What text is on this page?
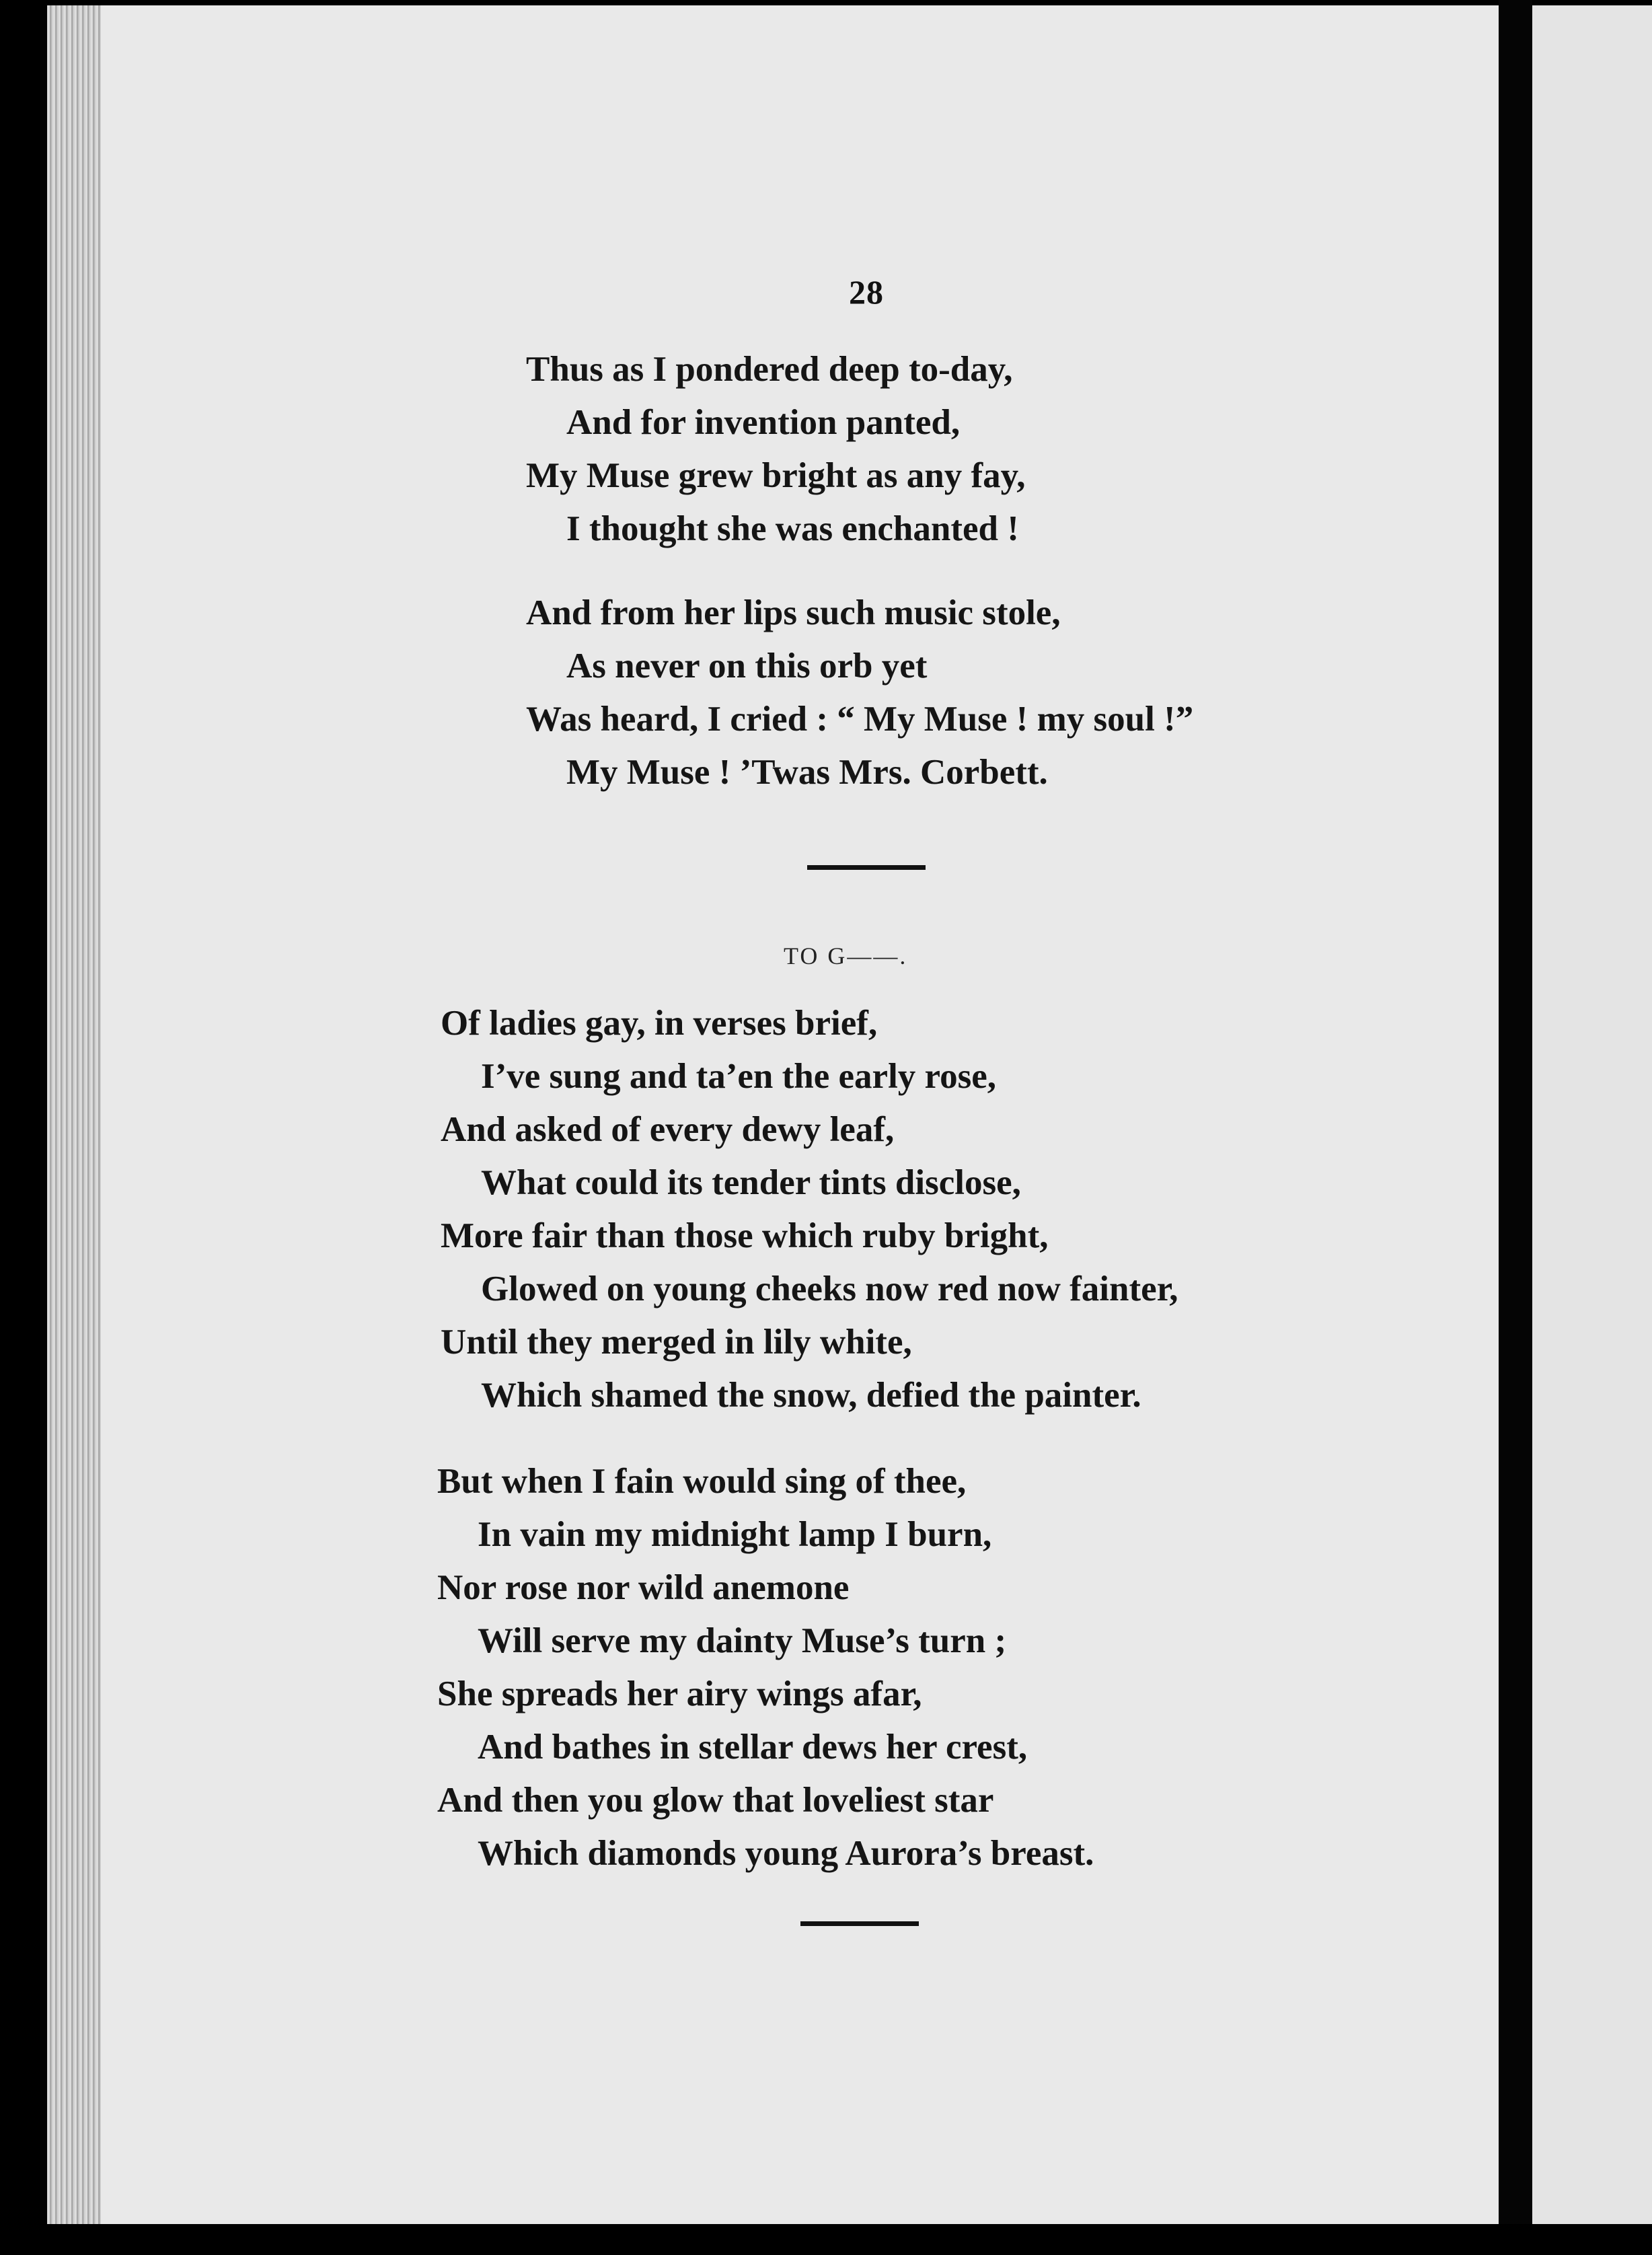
28
Thus as I pondered deep to-day,
And for invention panted,
My Muse grew bright as any fay,
I thought she was enchanted !
And from her lips such music stole,
As never on this orb yet
Was heard, I cried : “ My Muse ! my soul !”
My Muse ! ’Twas Mrs. Corbett.
TO G——.
Of ladies gay, in verses brief,
I’ve sung and ta’en the early rose,
And asked of every dewy leaf,
What could its tender tints disclose,
More fair than those which ruby bright,
Glowed on young cheeks now red now fainter,
Until they merged in lily white,
Which shamed the snow, defied the painter.
But when I fain would sing of thee,
In vain my midnight lamp I burn,
Nor rose nor wild anemone
Will serve my dainty Muse’s turn ;
She spreads her airy wings afar,
And bathes in stellar dews her crest,
And then you glow that loveliest star
Which diamonds young Aurora’s breast.
